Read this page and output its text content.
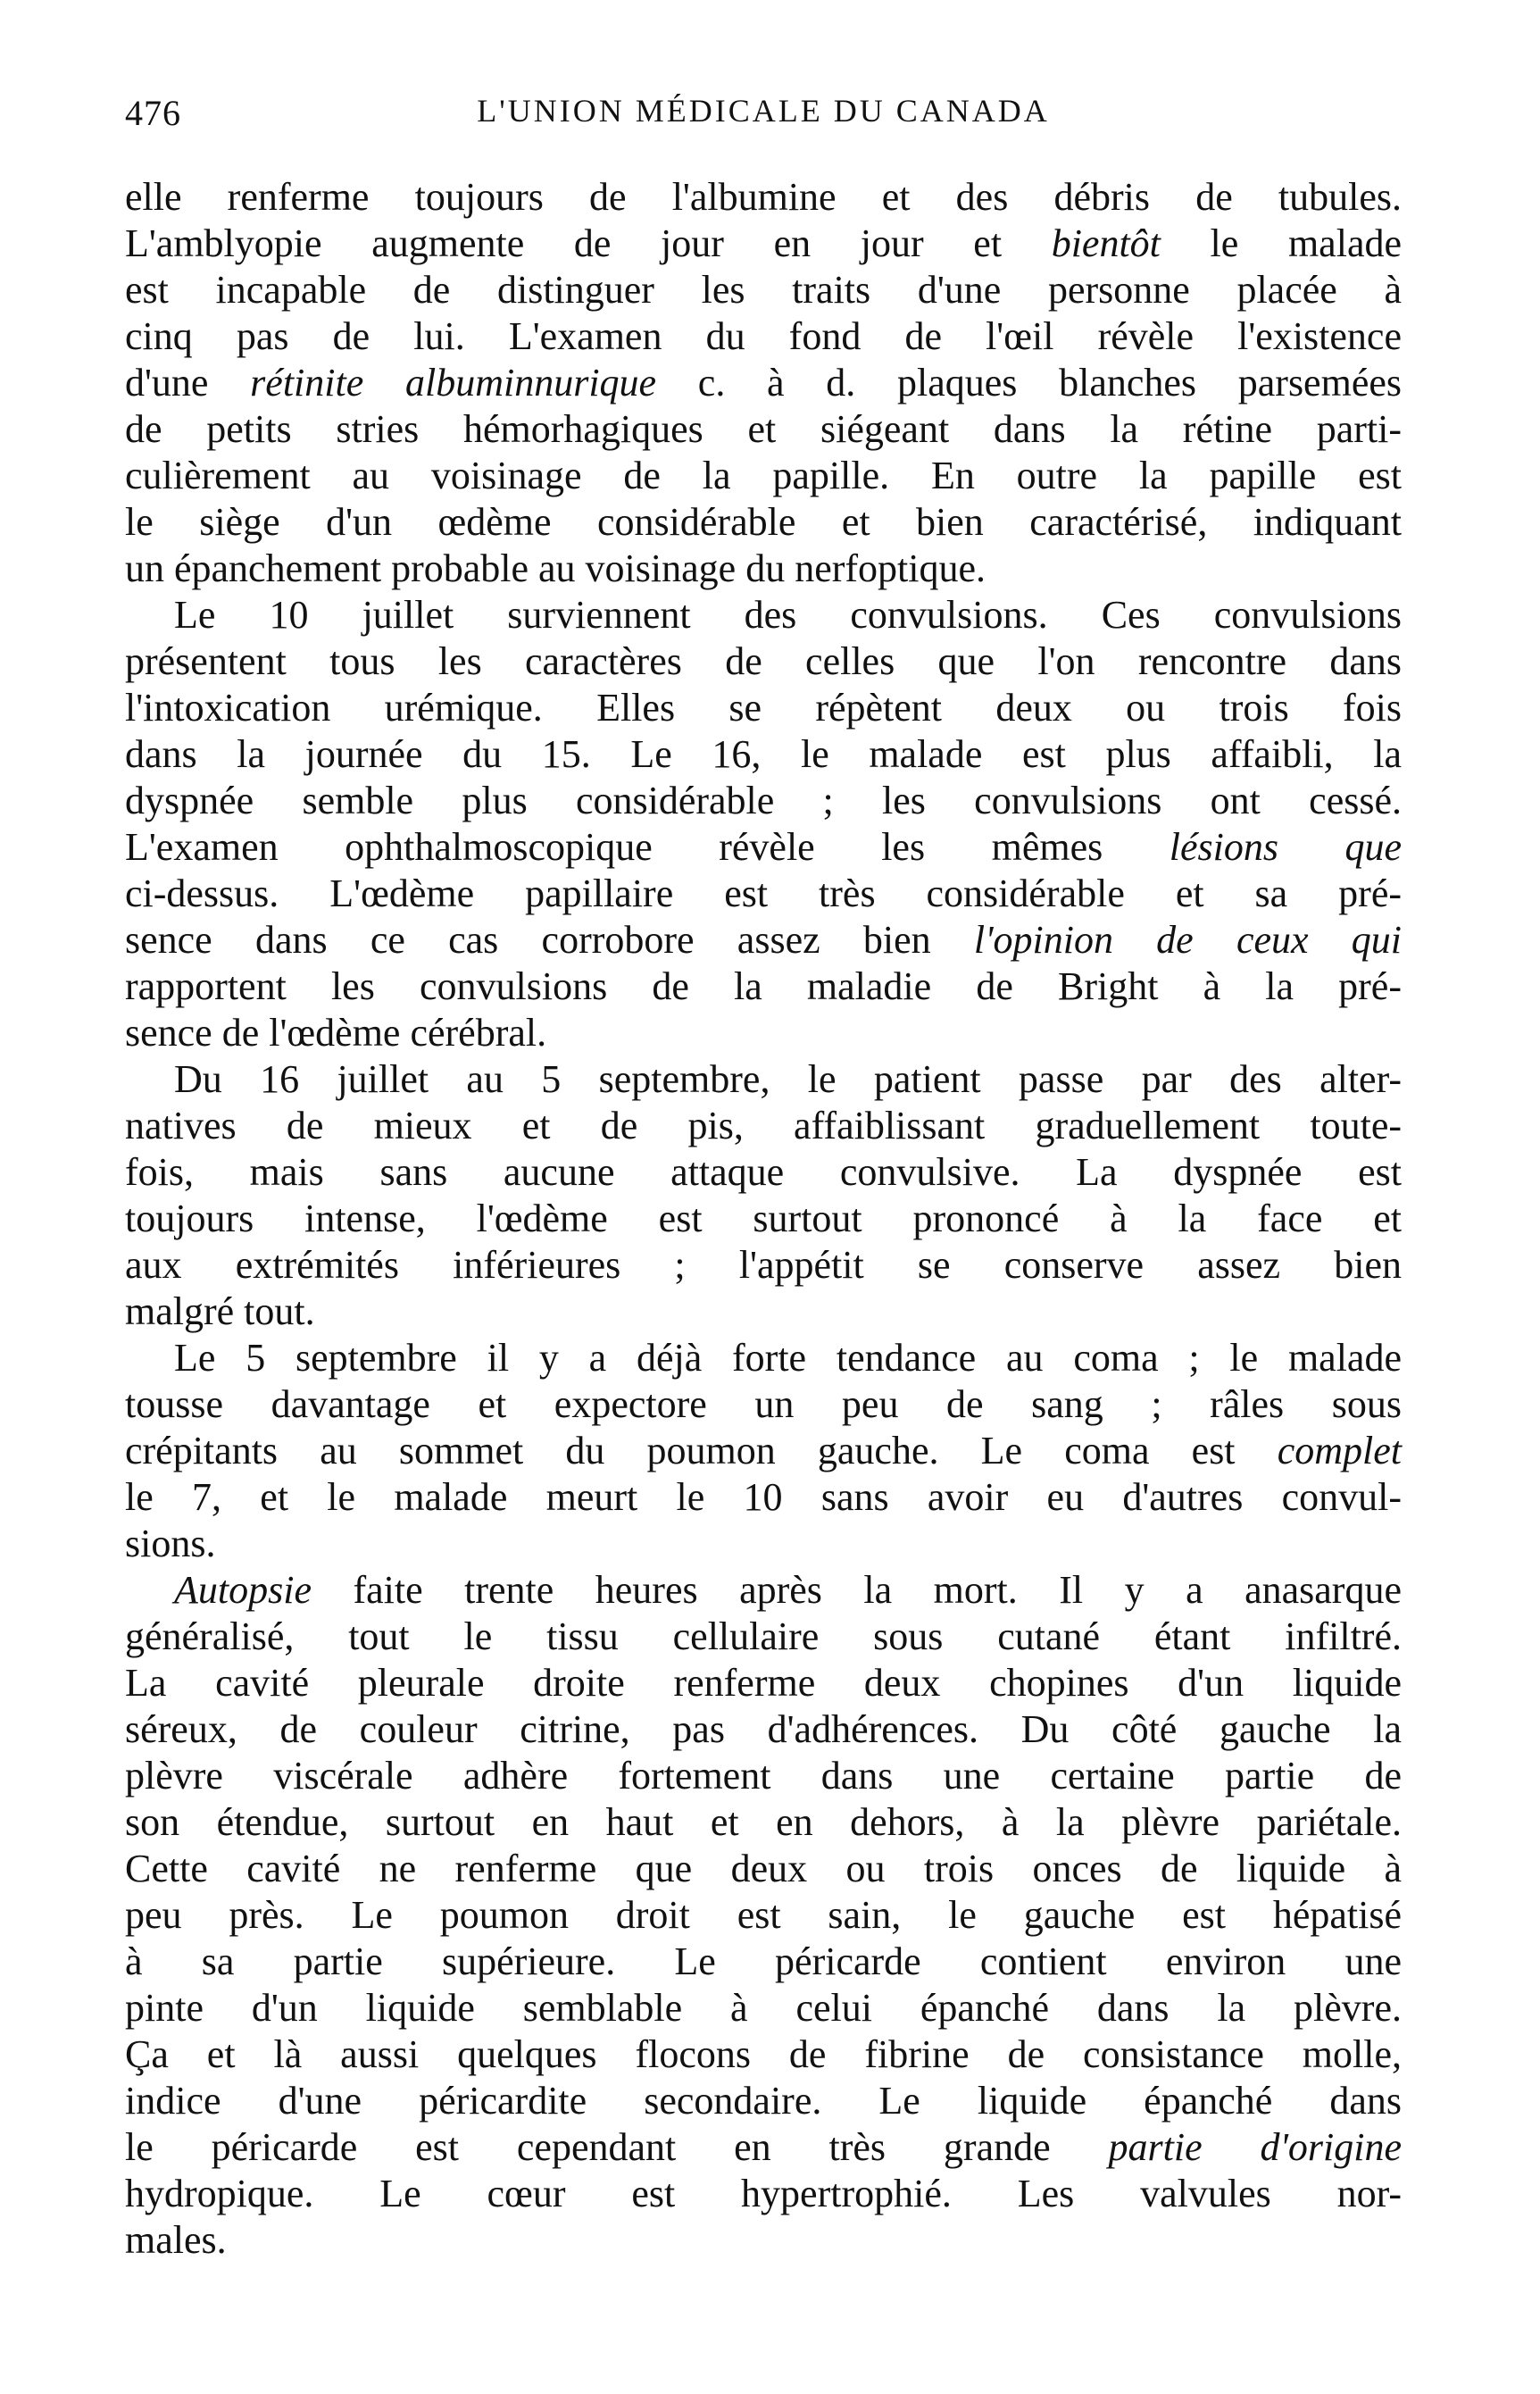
476	L'UNION MÉDICALE DU CANADA
elle renferme toujours de l'albumine et des débris de tubules.
L'amblyopie augmente de jour en jour et bientôt le malade
est incapable de distinguer les traits d'une personne placée à
cinq pas de lui. L'examen du fond de l'œil révèle l'existence
d'une rétinite albuminnurique c. à d. plaques blanches parsemées
de petits stries hémorhagiques et siégeant dans la rétine parti-
culièrement au voisinage de la papille. En outre la papille est
le siège d'un œdème considérable et bien caractérisé, indiquant
un épanchement probable au voisinage du nerfoptique.
Le 10 juillet surviennent des convulsions. Ces convulsions
présentent tous les caractères de celles que l'on rencontre dans
l'intoxication urémique. Elles se répètent deux ou trois fois
dans la journée du 15. Le 16, le malade est plus affaibli, la
dyspnée semble plus considérable ; les convulsions ont cessé.
L'examen ophthalmoscopique révèle les mêmes lésions que
ci-dessus. L'œdème papillaire est très considérable et sa pré-
sence dans ce cas corrobore assez bien l'opinion de ceux qui
rapportent les convulsions de la maladie de Bright à la pré-
sence de l'œdème cérébral.
Du 16 juillet au 5 septembre, le patient passe par des alter-
natives de mieux et de pis, affaiblissant graduellement toute-
fois, mais sans aucune attaque convulsive. La dyspnée est
toujours intense, l'œdème est surtout prononcé à la face et
aux extrémités inférieures ; l'appétit se conserve assez bien
malgré tout.
Le 5 septembre il y a déjà forte tendance au coma ; le malade
tousse davantage et expectore un peu de sang ; râles sous
crépitants au sommet du poumon gauche. Le coma est complet
le 7, et le malade meurt le 10 sans avoir eu d'autres convul-
sions.
Autopsie faite trente heures après la mort. Il y a anasarque
généralisé, tout le tissu cellulaire sous cutané étant infiltré.
La cavité pleurale droite renferme deux chopines d'un liquide
séreux, de couleur citrine, pas d'adhérences. Du côté gauche la
plèvre viscérale adhère fortement dans une certaine partie de
son étendue, surtout en haut et en dehors, à la plèvre pariétale.
Cette cavité ne renferme que deux ou trois onces de liquide à
peu près. Le poumon droit est sain, le gauche est hépatisé
à sa partie supérieure. Le péricarde contient environ une
pinte d'un liquide semblable à celui épanché dans la plèvre.
Ça et là aussi quelques flocons de fibrine de consistance molle,
indice d'une péricardite secondaire. Le liquide épanché dans
le péricarde est cependant en très grande partie d'origine
hydropique. Le cœur est hypertrophié. Les valvules nor-
males.
